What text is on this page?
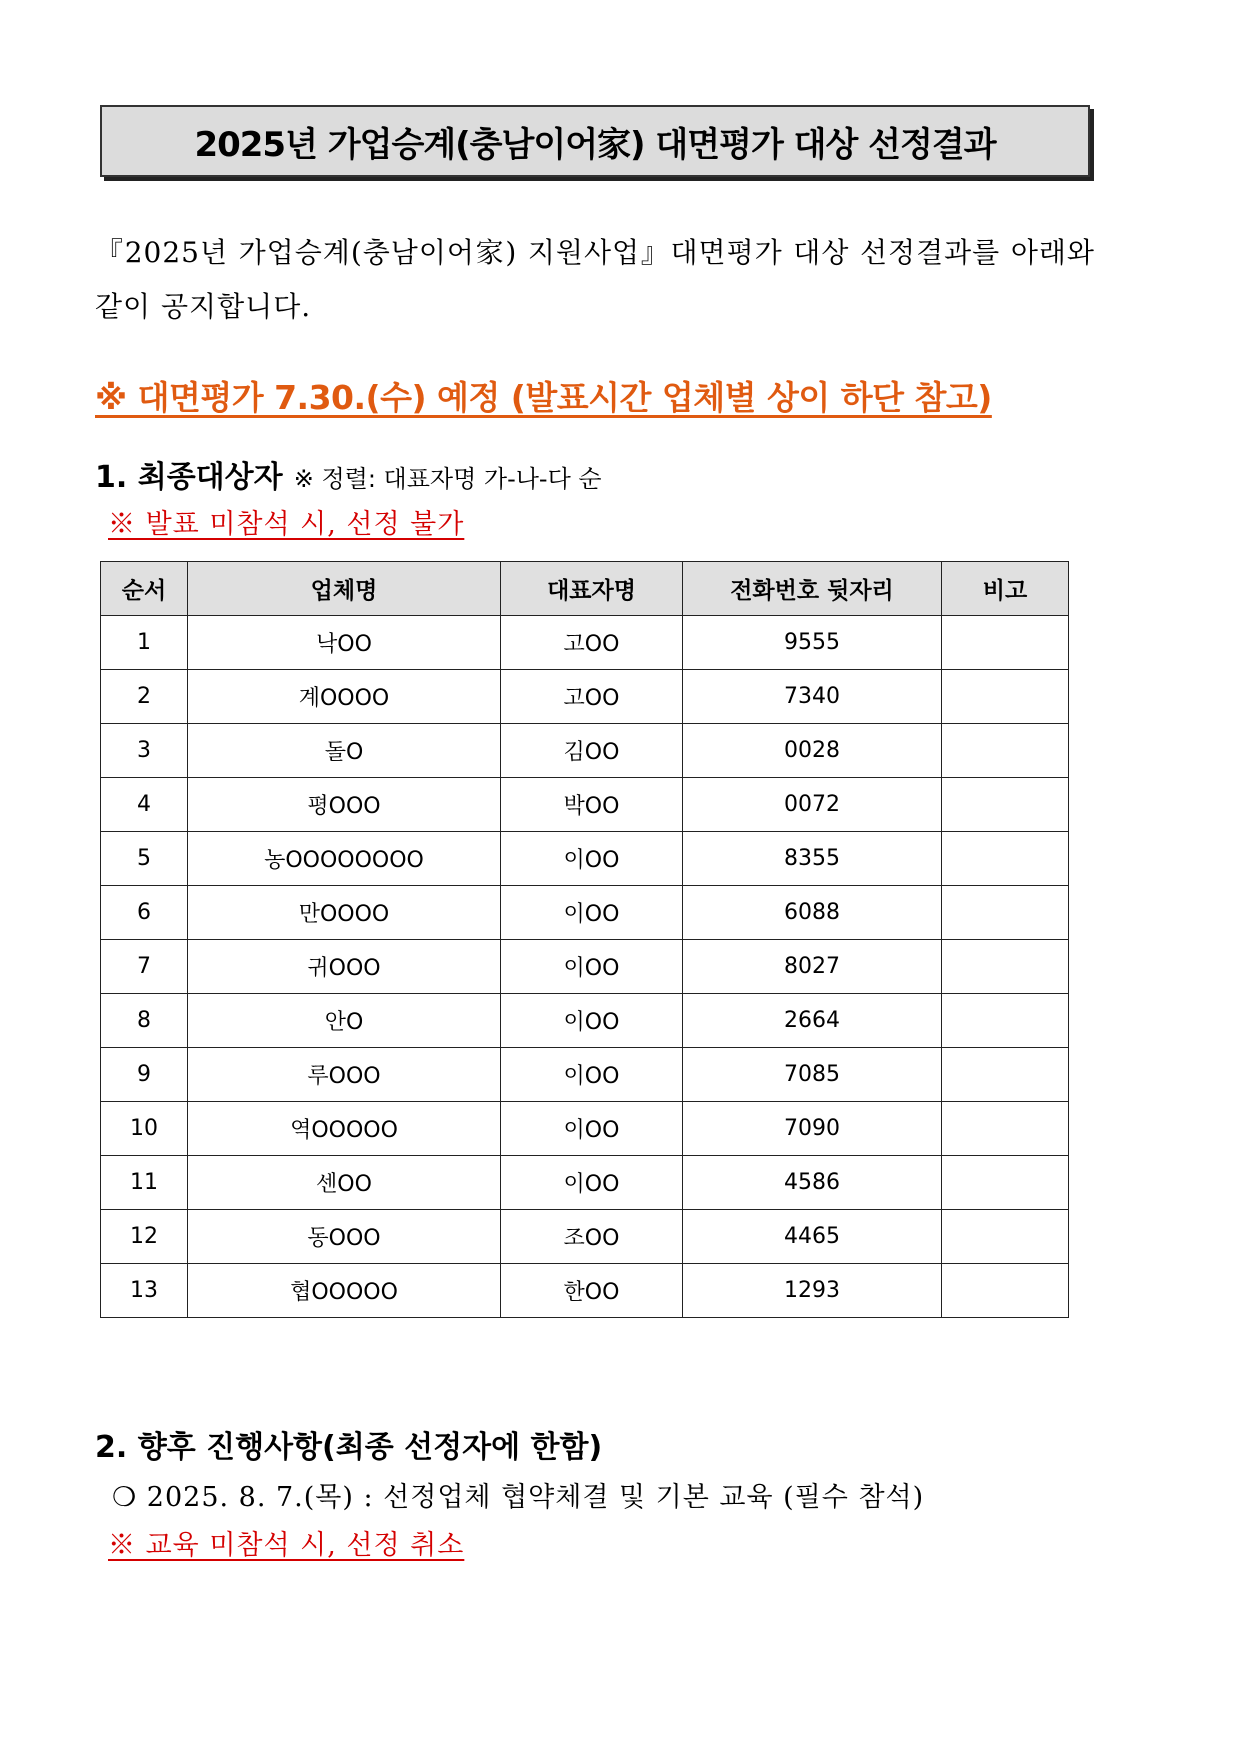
2025년 가업승계(충남이어家) 대면평가 대상 선정결과
『2025년 가업승계(충남이어家) 지원사업』대면평가 대상 선정결과를 아래와 같이 공지합니다.
※ 대면평가 7.30.(수) 예정 (발표시간 업체별 상이 하단 참고)
1. 최종대상자 ※ 정렬: 대표자명 가-나-다 순
※ 발표 미참석 시, 선정 불가
순서	업체명	대표자명	전화번호 뒷자리	비고
1	낙OO	고OO	9555	
2	계OOOO	고OO	7340	
3	돌O	김OO	0028	
4	평OOO	박OO	0072	
5	농OOOOOOOO	이OO	8355	
6	만OOOO	이OO	6088	
7	귀OOO	이OO	8027	
8	안O	이OO	2664	
9	루OOO	이OO	7085	
10	역OOOOO	이OO	7090	
11	센OO	이OO	4586	
12	동OOO	조OO	4465	
13	협OOOOO	한OO	1293	
2. 향후 진행사항(최종 선정자에 한함)
❍ 2025. 8. 7.(목) : 선정업체 협약체결 및 기본 교육 (필수 참석)
※ 교육 미참석 시, 선정 취소
